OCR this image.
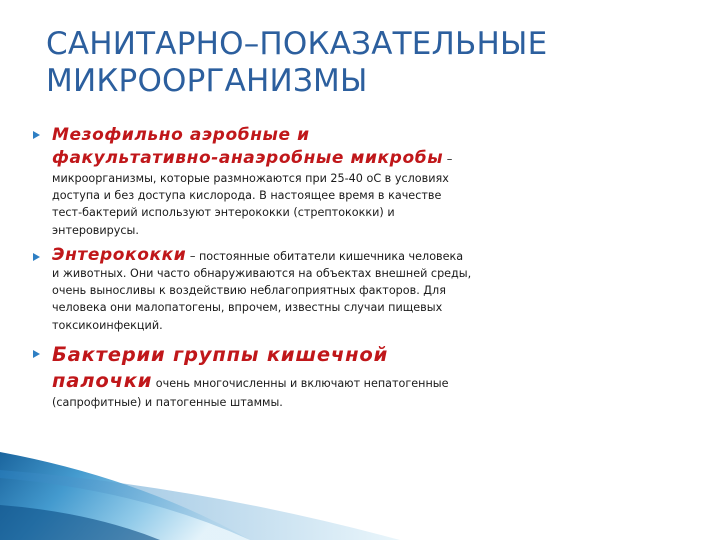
САНИТАРНО–ПОКАЗАТЕЛЬНЫЕ МИКРООРГАНИЗМЫ

Мезофильно аэробные и факультативно-анаэробные микробы – микроорганизмы, которые размножаются при 25-40 оС в условиях доступа и без доступа кислорода. В настоящее время в качестве тест-бактерий используют энтерококки (стрептококки) и энтеровирусы.

Энтерококки – постоянные обитатели кишечника человека и животных. Они часто обнаруживаются на объектах внешней среды, очень выносливы к воздействию неблагоприятных факторов. Для человека они малопатогены, впрочем, известны случаи пищевых токсикоинфекций.

Бактерии группы кишечной палочки очень многочисленны и включают непатогенные (сапрофитные) и патогенные штаммы.
